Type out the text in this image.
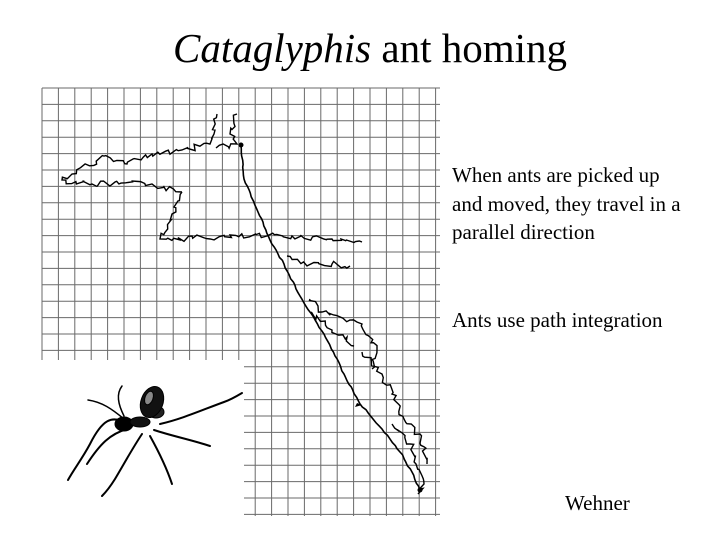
Cataglyphis ant homing
When ants are picked up and moved, they travel in a parallel direction
Ants use path integration
Wehner
